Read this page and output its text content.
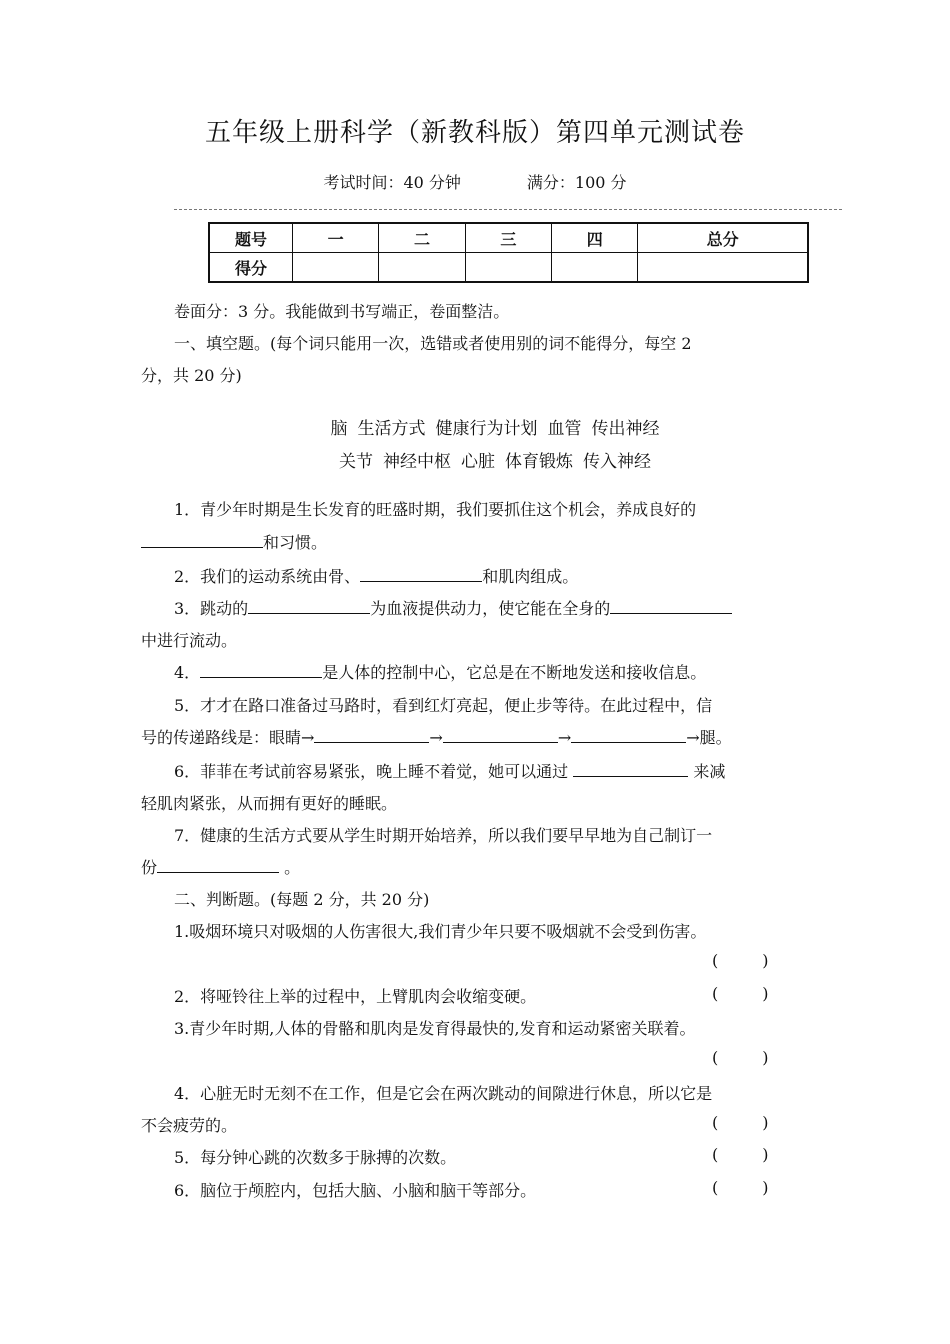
五年级上册科学（新教科版）第四单元测试卷
考试时间：40 分钟	满分：100 分
题号	一	二	三	四	总分
得分					
卷面分：3 分。我能做到书写端正，卷面整洁。
一、填空题。(每个词只能用一次，选错或者使用别的词不能得分，每空 2
分，共 20 分)
脑 生活方式 健康行为计划 血管 传出神经
关节 神经中枢 心脏 体育锻炼 传入神经
1．青少年时期是生长发育的旺盛时期，我们要抓住这个机会，养成良好的
和习惯。
2．我们的运动系统由骨、	和肌肉组成。
3．跳动的	为血液提供动力，使它能在全身的
中进行流动。
4．	是人体的控制中心，它总是在不断地发送和接收信息。
5．才才在路口准备过马路时，看到红灯亮起，便止步等待。在此过程中，信
号的传递路线是：眼睛→	→	→	→腿。
6．菲菲在考试前容易紧张，晚上睡不着觉，她可以通过	来减
轻肌肉紧张，从而拥有更好的睡眠。
7．健康的生活方式要从学生时期开始培养，所以我们要早早地为自己制订一
份	。
二、判断题。(每题 2 分，共 20 分)
1.吸烟环境只对吸烟的人伤害很大,我们青少年只要不吸烟就不会受到伤害。
(	)
2．将哑铃往上举的过程中，上臂肌肉会收缩变硬。	(	)
3.青少年时期,人体的骨骼和肌肉是发育得最快的,发育和运动紧密关联着。
(	)
4．心脏无时无刻不在工作，但是它会在两次跳动的间隙进行休息，所以它是
不会疲劳的。	(	)
5．每分钟心跳的次数多于脉搏的次数。	(	)
6．脑位于颅腔内，包括大脑、小脑和脑干等部分。	(	)
